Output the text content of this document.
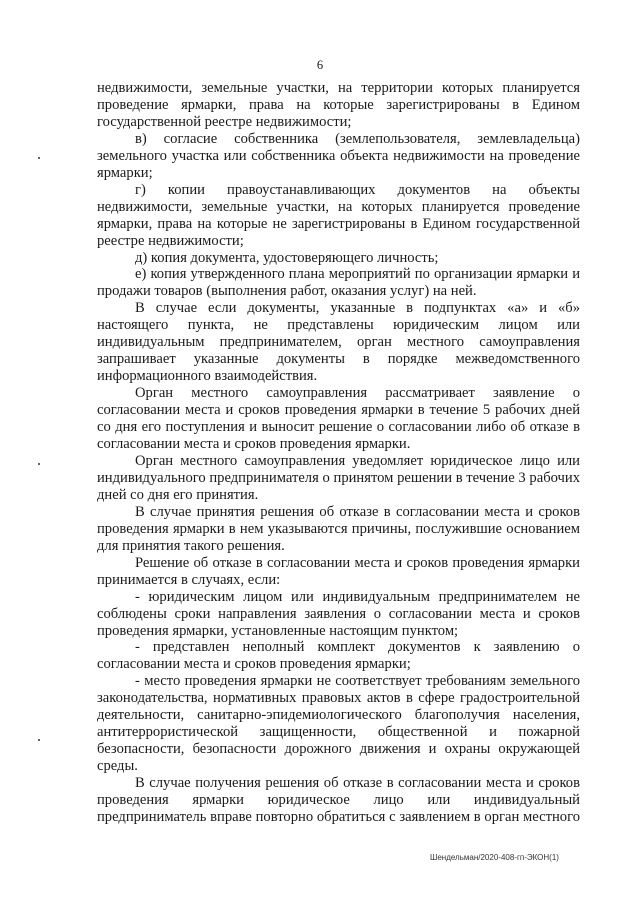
6

недвижимости, земельные участки, на территории которых планируется

проведение ярмарки, права на которые зарегистрированы в Едином

государственной реестре недвижимости;

в) согласие собственника (землепользователя, землевладельца)

земельного участка или собственника объекта недвижимости на проведение

ярмарки;

г) копии правоустанавливающих документов на объекты

недвижимости, земельные участки, на которых планируется проведение

ярмарки, права на которые не зарегистрированы в Едином государственной

реестре недвижимости;

д) копия документа, удостоверяющего личность;

е) копия утвержденного плана мероприятий по организации ярмарки и

продажи товаров (выполнения работ, оказания услуг) на ней.

В случае если документы, указанные в подпунктах «а» и «б»

настоящего пункта, не представлены юридическим лицом или

индивидуальным предпринимателем, орган местного самоуправления

запрашивает указанные документы в порядке межведомственного

информационного взаимодействия.

Орган местного самоуправления рассматривает заявление о

согласовании места и сроков проведения ярмарки в течение 5 рабочих дней

со дня его поступления и выносит решение о согласовании либо об отказе в

согласовании места и сроков проведения ярмарки.

Орган местного самоуправления уведомляет юридическое лицо или

индивидуального предпринимателя о принятом решении в течение 3 рабочих

дней со дня его принятия.

В случае принятия решения об отказе в согласовании места и сроков

проведения ярмарки в нем указываются причины, послужившие основанием

для принятия такого решения.

Решение об отказе в согласовании места и сроков проведения ярмарки

принимается в случаях, если:

- юридическим лицом или индивидуальным предпринимателем не

соблюдены сроки направления заявления о согласовании места и сроков

проведения ярмарки, установленные настоящим пунктом;

- представлен неполный комплект документов к заявлению о

согласовании места и сроков проведения ярмарки;

- место проведения ярмарки не соответствует требованиям земельного

законодательства, нормативных правовых актов в сфере градостроительной

деятельности, санитарно-эпидемиологического благополучия населения,

антитеррористической защищенности, общественной и пожарной

безопасности, безопасности дорожного движения и охраны окружающей

среды.

В случае получения решения об отказе в согласовании места и сроков

проведения ярмарки юридическое лицо или индивидуальный

предприниматель вправе повторно обратиться с заявлением в орган местного

Шендельман/2020-408-гп-ЭКОН(1)
